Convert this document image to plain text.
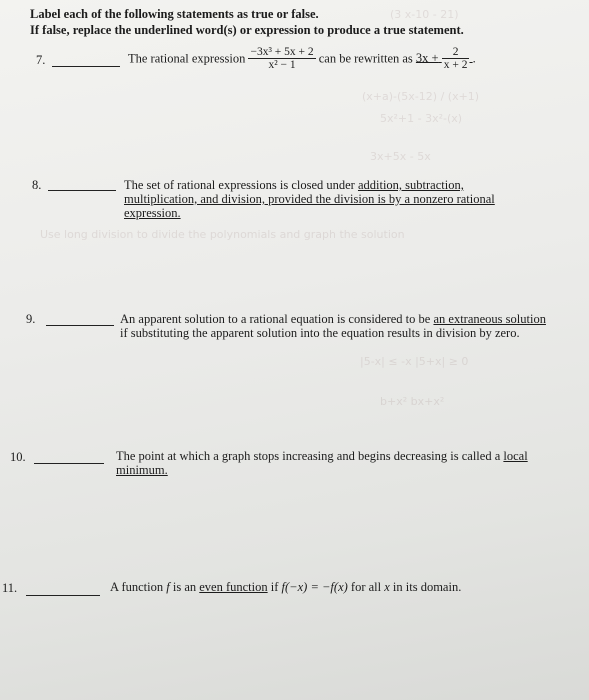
(3 x-10 - 21)
(x+a)-(5x-12) / (x+1)
5x²+1 - 3x²-(x)
3x+5x - 5x
Use long division to divide the polynomials and graph the solution
|5-x| ≤ -x |5+x| ≥ 0
b+x² bx+x²
Label each of the following statements as true or false.
If false, replace the underlined word(s) or expression to produce a true statement.
7.	The rational expression $\frac{\text{−3x³ + 5x + 2}}{\text{x² − 1}}$ can be rewritten as $3x + \frac{2}{x + 2}$ .
8.	The set of rational expressions is closed under addition, subtraction, multiplication, and division, provided the division is by a nonzero rational expression.
9.	An apparent solution to a rational equation is considered to be an extraneous solution if substituting the apparent solution into the equation results in division by zero.
10.	The point at which a graph stops increasing and begins decreasing is called a local minimum.
11.	A function f is an even function if f(−x) = −f(x) for all x in its domain.
